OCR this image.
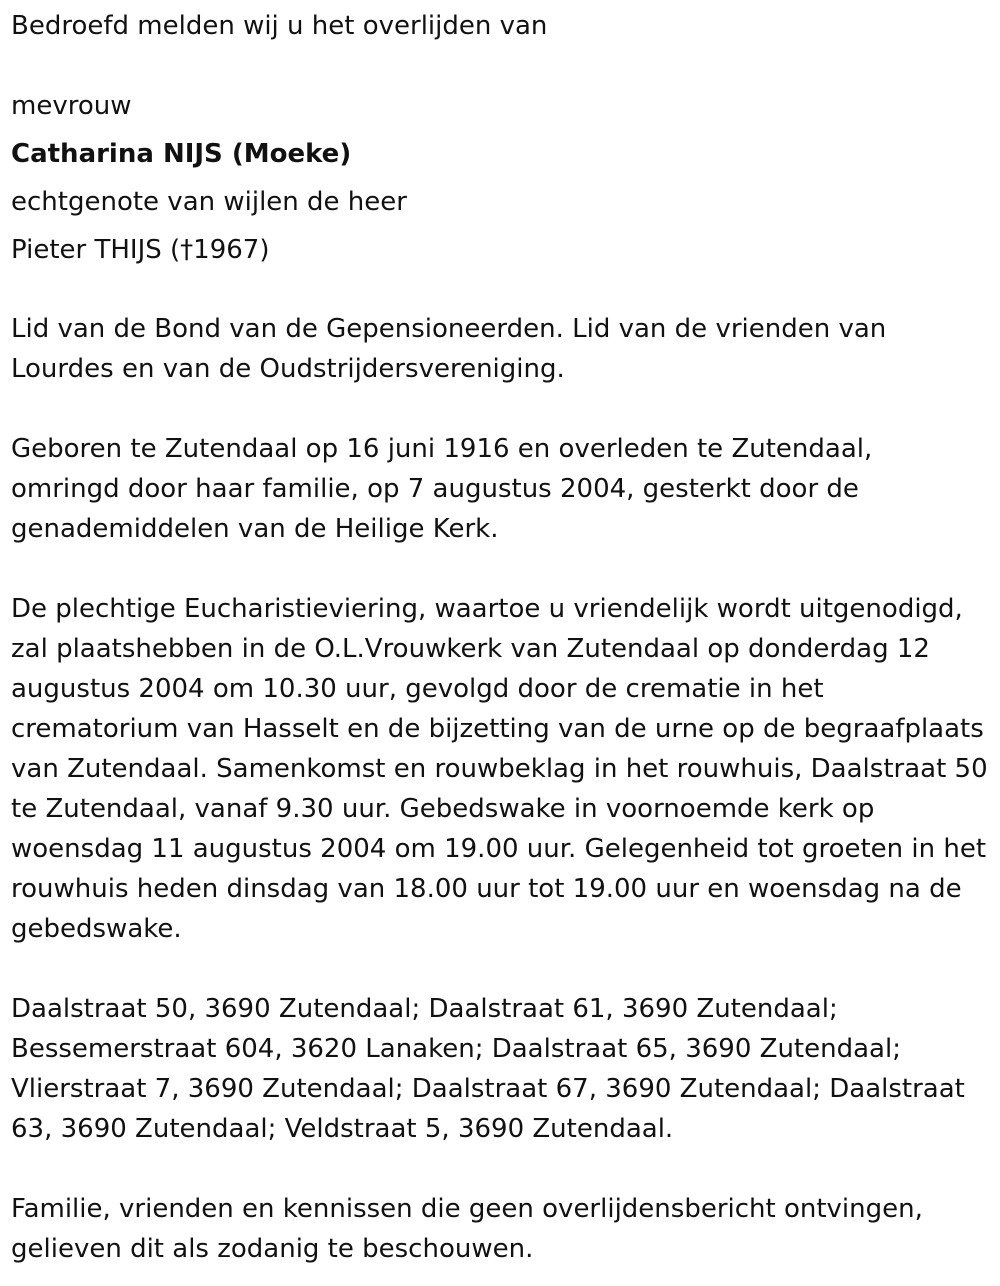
Bedroefd melden wij u het overlijden van

mevrouw

Catharina NIJS (Moeke)

echtgenote van wijlen de heer

Pieter THIJS (†1967)

Lid van de Bond van de Gepensioneerden. Lid van de vrienden van Lourdes en van de Oudstrijdersvereniging.

Geboren te Zutendaal op 16 juni 1916 en overleden te Zutendaal, omringd door haar familie, op 7 augustus 2004, gesterkt door de genademiddelen van de Heilige Kerk.

De plechtige Eucharistieviering, waartoe u vriendelijk wordt uitgenodigd, zal plaatshebben in de O.L.Vrouwkerk van Zutendaal op donderdag 12 augustus 2004 om 10.30 uur, gevolgd door de crematie in het crematorium van Hasselt en de bijzetting van de urne op de begraafplaats van Zutendaal. Samenkomst en rouwbeklag in het rouwhuis, Daalstraat 50 te Zutendaal, vanaf 9.30 uur. Gebedswake in voornoemde kerk op woensdag 11 augustus 2004 om 19.00 uur. Gelegenheid tot groeten in het rouwhuis heden dinsdag van 18.00 uur tot 19.00 uur en woensdag na de gebedswake.

Daalstraat 50, 3690 Zutendaal; Daalstraat 61, 3690 Zutendaal; Bessemerstraat 604, 3620 Lanaken; Daalstraat 65, 3690 Zutendaal; Vlierstraat 7, 3690 Zutendaal; Daalstraat 67, 3690 Zutendaal; Daalstraat 63, 3690 Zutendaal; Veldstraat 5, 3690 Zutendaal.

Familie, vrienden en kennissen die geen overlijdensbericht ontvingen, gelieven dit als zodanig te beschouwen.
